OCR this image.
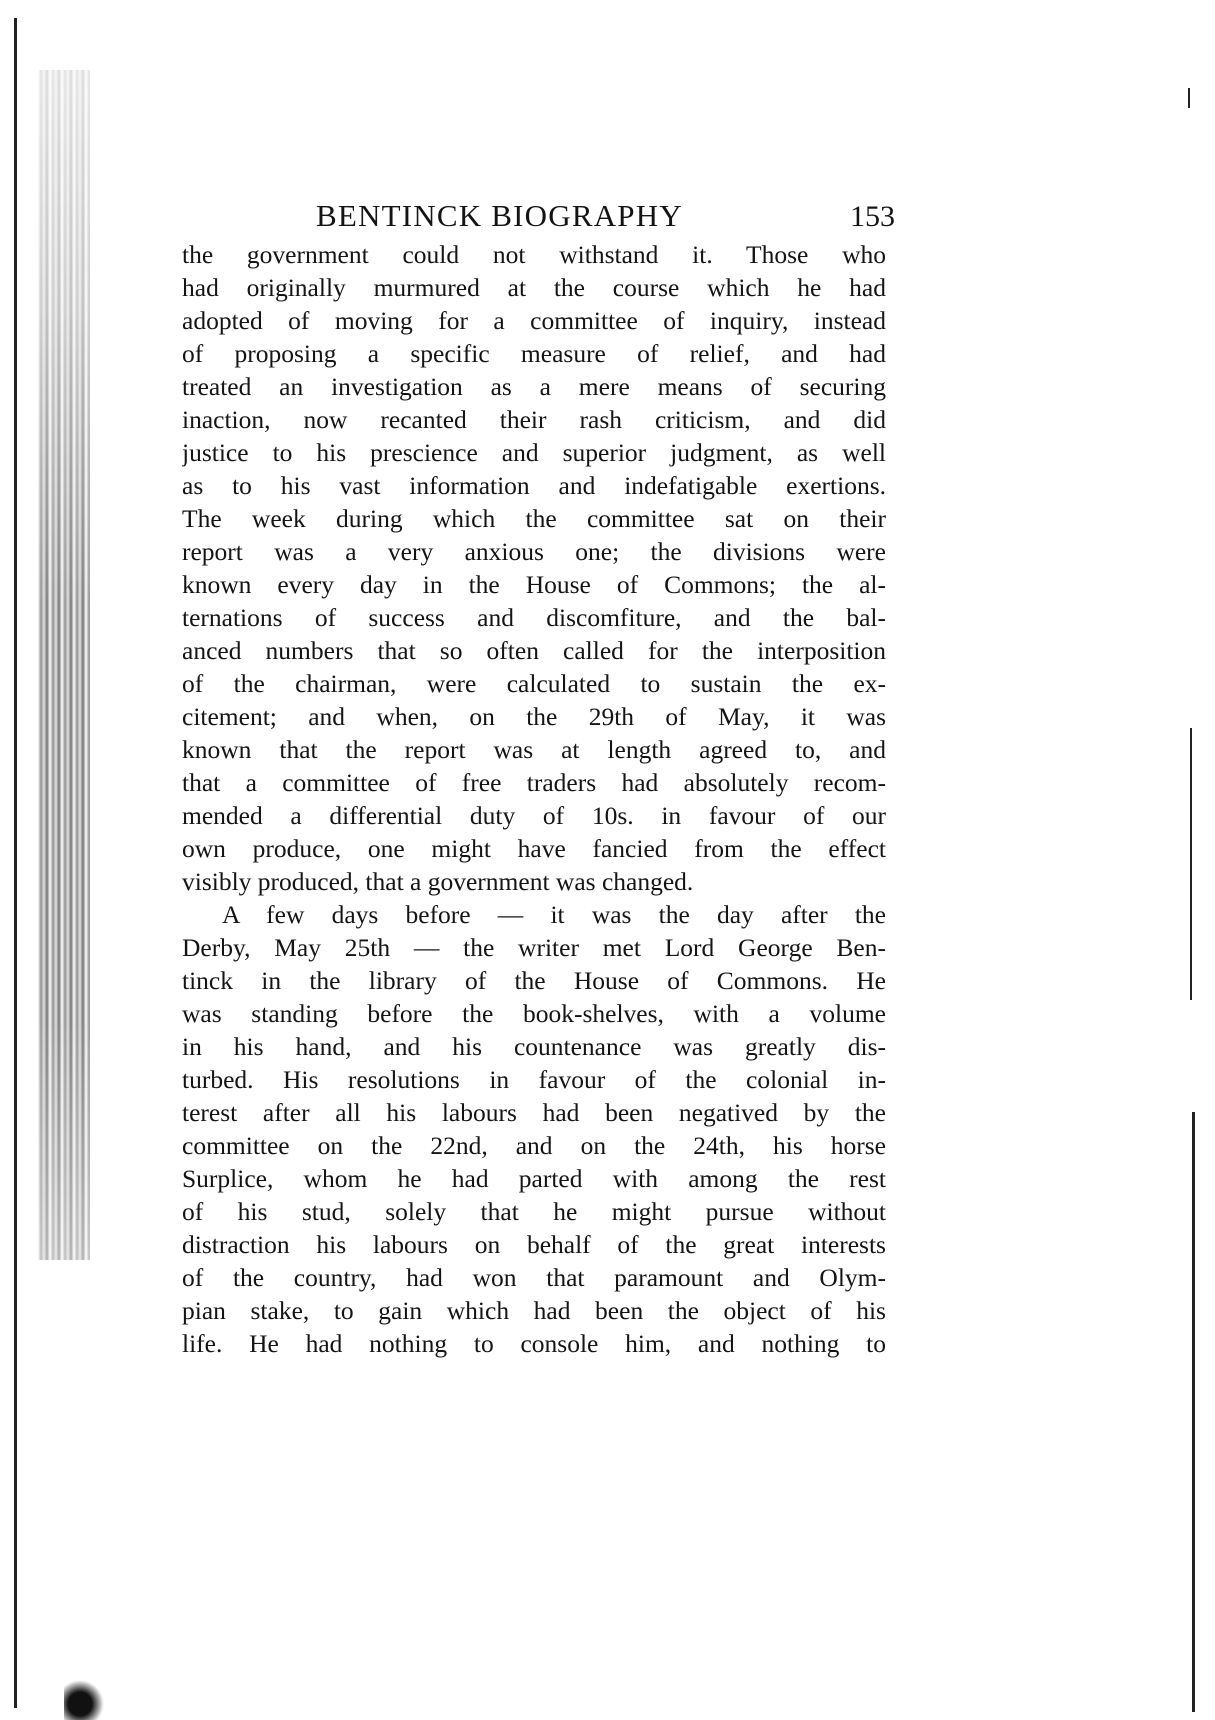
BENTINCK BIOGRAPHY	153
the government could not withstand it. Those who
had originally murmured at the course which he had
adopted of moving for a committee of inquiry, instead
of proposing a specific measure of relief, and had
treated an investigation as a mere means of securing
inaction, now recanted their rash criticism, and did
justice to his prescience and superior judgment, as well
as to his vast information and indefatigable exertions.
The week during which the committee sat on their
report was a very anxious one; the divisions were
known every day in the House of Commons; the al-
ternations of success and discomfiture, and the bal-
anced numbers that so often called for the interposition
of the chairman, were calculated to sustain the ex-
citement; and when, on the 29th of May, it was
known that the report was at length agreed to, and
that a committee of free traders had absolutely recom-
mended a differential duty of 10s. in favour of our
own produce, one might have fancied from the effect
visibly produced, that a government was changed.
A few days before — it was the day after the
Derby, May 25th — the writer met Lord George Ben-
tinck in the library of the House of Commons. He
was standing before the book-shelves, with a volume
in his hand, and his countenance was greatly dis-
turbed. His resolutions in favour of the colonial in-
terest after all his labours had been negatived by the
committee on the 22nd, and on the 24th, his horse
Surplice, whom he had parted with among the rest
of his stud, solely that he might pursue without
distraction his labours on behalf of the great interests
of the country, had won that paramount and Olym-
pian stake, to gain which had been the object of his
life. He had nothing to console him, and nothing to
